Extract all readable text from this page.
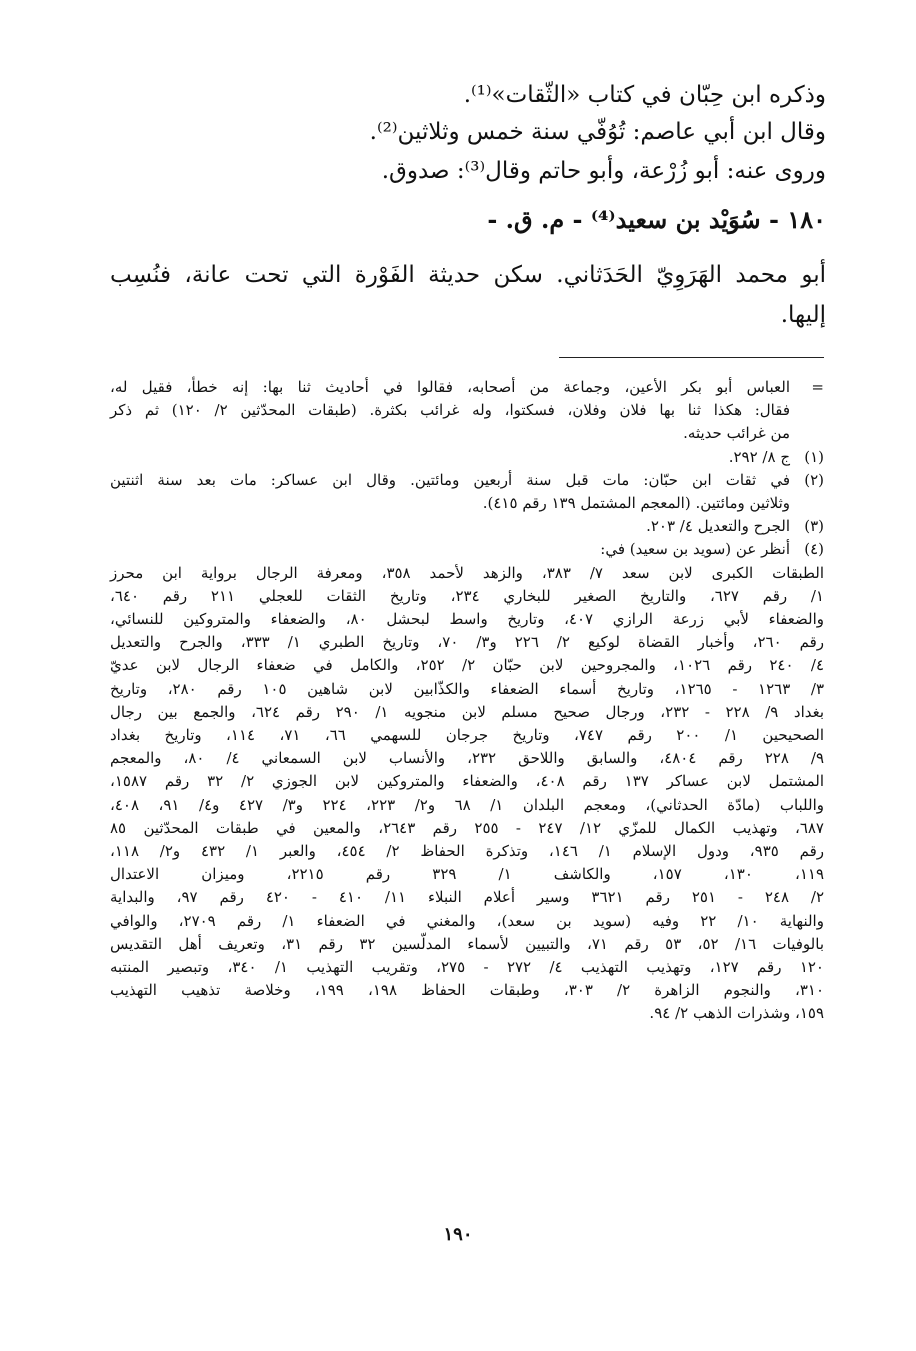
وذكره ابن حِبّان في كتاب «الثّقات»⁽¹⁾.
وقال ابن أبي عاصم: تُوُفّي سنة خمس وثلاثين⁽²⁾.
وروى عنه: أبو زُرْعة، وأبو حاتم وقال⁽³⁾: صدوق.
١٨٠ - سُوَيْد بن سعيد⁽⁴⁾ - م. ق. -
أبو محمد الهَرَوِيّ الحَدَثاني. سكن حديثة الفَوْرة التي تحت عانة، فنُسِب
إليها.
=
العباس أبو بكر الأعين، وجماعة من أصحابه، فقالوا في أحاديث ثنا بها: إنه خطأ، فقيل له،
فقال: هكذا ثنا بها فلان وفلان، فسكتوا، وله غرائب بكثرة. (طبقات المحدّثين ٢/ ١٢٠) ثم ذكر
من غرائب حديثه.
(١)
ج ٨/ ٢٩٢.
(٢)
في ثقات ابن حبّان: مات قبل سنة أربعين ومائتين. وقال ابن عساكر: مات بعد سنة اثنتين
وثلاثين ومائتين. (المعجم المشتمل ١٣٩ رقم ٤١٥).
(٣)
الجرح والتعديل ٤/ ٢٠٣.
(٤)
أنظر عن (سويد بن سعيد) في:
الطبقات الكبرى لابن سعد ٧/ ٣٨٣، والزهد لأحمد ٣٥٨، ومعرفة الرجال برواية ابن محرز
١/ رقم ٦٢٧، والتاريخ الصغير للبخاري ٢٣٤، وتاريخ الثقات للعجلي ٢١١ رقم ٦٤٠،
والضعفاء لأبي زرعة الرازي ٤٠٧، وتاريخ واسط لبحشل ٨٠، والضعفاء والمتروكين للنسائي،
رقم ٢٦٠، وأخبار القضاة لوكيع ٢/ ٢٢٦ و٣/ ٧٠، وتاريخ الطبري ١/ ٣٣٣، والجرح والتعديل
٤/ ٢٤٠ رقم ١٠٢٦، والمجروحين لابن حبّان ٢/ ٢٥٢، والكامل في ضعفاء الرجال لابن عديّ
٣/ ١٢٦٣ - ١٢٦٥، وتاريخ أسماء الضعفاء والكذّابين لابن شاهين ١٠٥ رقم ٢٨٠، وتاريخ
بغداد ٩/ ٢٢٨ - ٢٣٢، ورجال صحيح مسلم لابن منجويه ١/ ٢٩٠ رقم ٦٢٤، والجمع بين رجال
الصحيحين ١/ ٢٠٠ رقم ٧٤٧، وتاريخ جرجان للسهمي ٦٦، ٧١، ١١٤، وتاريخ بغداد
٩/ ٢٢٨ رقم ٤٨٠٤، والسابق واللاحق ٢٣٢، والأنساب لابن السمعاني ٤/ ٨٠، والمعجم
المشتمل لابن عساكر ١٣٧ رقم ٤٠٨، والضعفاء والمتروكين لابن الجوزي ٢/ ٣٢ رقم ١٥٨٧،
واللباب (مادّة الحدثاني)، ومعجم البلدان ١/ ٦٨ و٢/ ٢٢٣، ٢٢٤ و٣/ ٤٢٧ و٤/ ٩١، ٤٠٨،
٦٨٧، وتهذيب الكمال للمزّي ١٢/ ٢٤٧ - ٢٥٥ رقم ٢٦٤٣، والمعين في طبقات المحدّثين ٨٥
رقم ٩٣٥، ودول الإسلام ١/ ١٤٦، وتذكرة الحفاظ ٢/ ٤٥٤، والعبر ١/ ٤٣٢ و٢/ ١١٨،
١١٩، ١٣٠، ١٥٧، والكاشف ١/ ٣٢٩ رقم ٢٢١٥، وميزان الاعتدال
٢/ ٢٤٨ - ٢٥١ رقم ٣٦٢١ وسير أعلام النبلاء ١١/ ٤١٠ - ٤٢٠ رقم ٩٧، والبداية
والنهاية ١٠/ ٢٢ وفيه (سويد بن سعد)، والمغني في الضعفاء ١/ رقم ٢٧٠٩، والوافي
بالوفيات ١٦/ ٥٢، ٥٣ رقم ٧١، والتبيين لأسماء المدلّسين ٣٢ رقم ٣١، وتعريف أهل التقديس
١٢٠ رقم ١٢٧، وتهذيب التهذيب ٤/ ٢٧٢ - ٢٧٥، وتقريب التهذيب ١/ ٣٤٠، وتبصير المنتبه
٣١٠، والنجوم الزاهرة ٢/ ٣٠٣، وطبقات الحفاظ ١٩٨، ١٩٩، وخلاصة تذهيب التهذيب
١٥٩، وشذرات الذهب ٢/ ٩٤.
١٩٠
